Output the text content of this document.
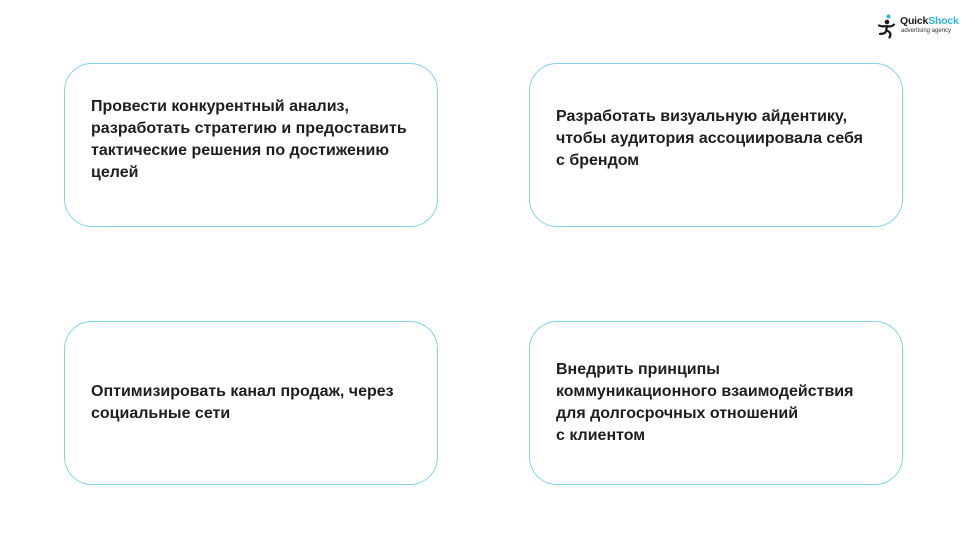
QuickShock
advertising agency

Провести конкурентный анализ,
разработать стратегию и предоставить
тактические решения по достижению
целей

Разработать визуальную айдентику,
чтобы аудитория ассоциировала себя
с брендом

Оптимизировать канал продаж, через
социальные сети

Внедрить принципы
коммуникационного взаимодействия
для долгосрочных отношений
с клиентом
